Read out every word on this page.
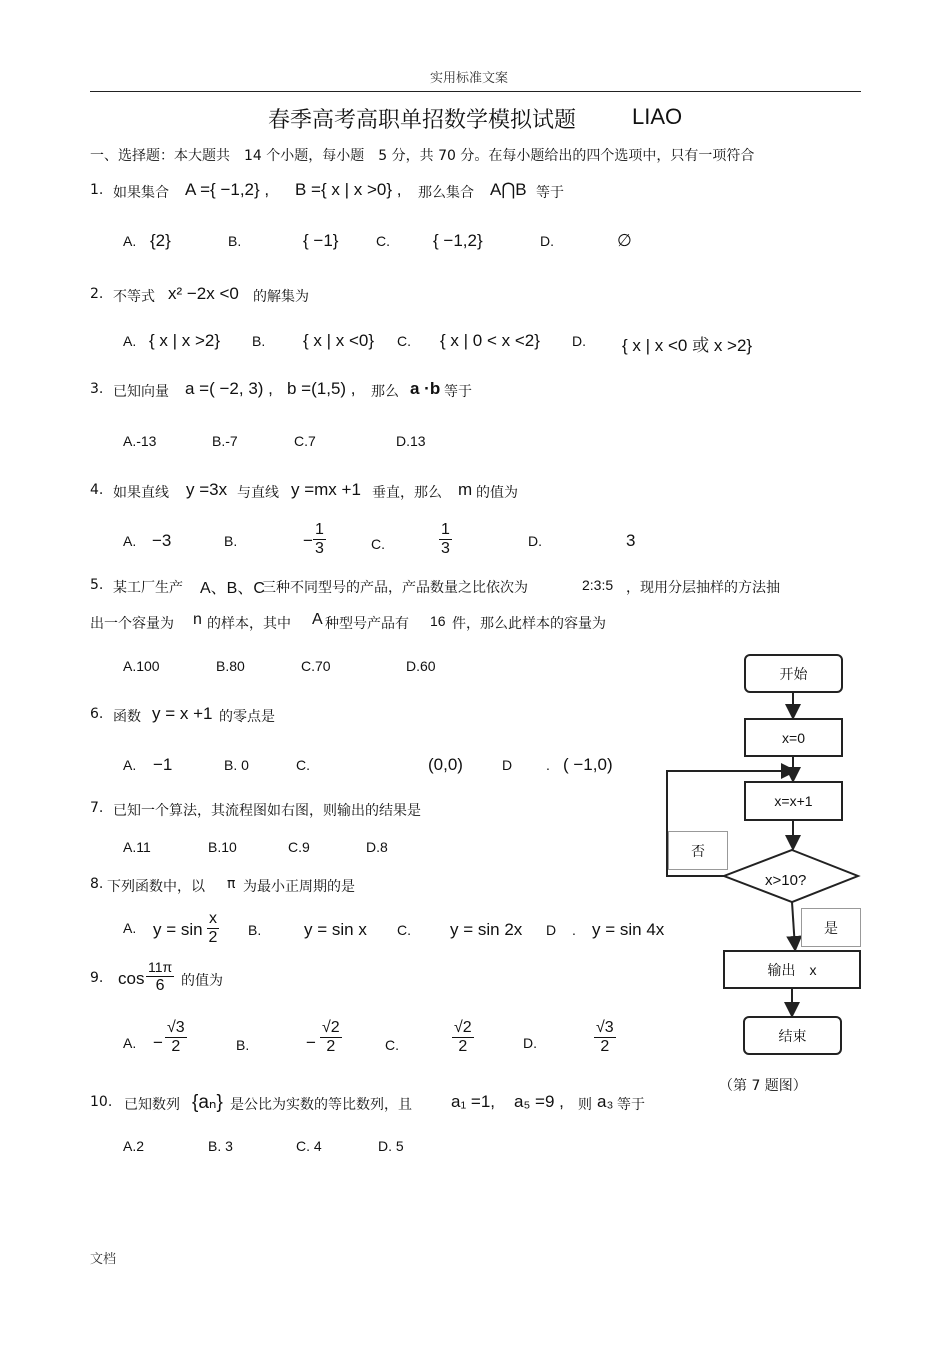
实用标准文案
春季高考高职单招数学模拟试题	LIAO
一、选择题：本大题共　14 个小题，每小题　5 分，共 70 分。在每小题给出的四个选项中，只有一项符合
1. 如果集合 A ={ −1,2} , B ={ x | x >0} , 那么集合 A⋂B 等于
A. {2}	B.	{ −1}	C.	{ −1,2}	D.	∅
2. 不等式 x² −2x <0 的解集为
A. { x | x >2} B. { x | x <0} C. { x | 0 < x <2} D. { x | x <0 或 x >2}
3. 已知向量 a =( −2, 3) , b =(1,5) , 那么 a ·b 等于
A.-13	B.-7	C.7	D.13
4. 如果直线 y =3x 与直线 y =mx +1 垂直，那么 m 的值为
A. −3	B.	− $\frac{1}{3}$	C.	$\frac{1}{3}$	D.	3
5. 某工厂生产 A、B、C
三种不同型号的产品，产品数量之比依次为	2:3:5 ，现用分层抽样的方法抽
出一个容量为 n 的样本，其中 A 种型号产品有 16 件，那么此样本的容量为
A.100	B.80	C.70	D.60
6. 函数 y = x +1 的零点是
A. −1	B. 0	C.	(0,0)	D . ( −1,0)
7. 已知一个算法，其流程图如右图，则输出的结果是
A.11	B.10	C.9	D.8
8. 下列函数中，以 π 为最小正周期的是
A. $y = \sin \frac{x}{2} B$.	y = sin x C. y = sin 2x D . y = sin 4x
9. $\cos \frac{11\pi}{6}$ 的值为
A. − $\frac{√3}{2}$	B.	− $\frac{√2}{2}$	C.	$\frac{√2}{2}$	D.	$\frac{√3}{2}$
10. 已知数列 {aₙ} 是公比为实数的等比数列，且 a₁ =1, a₅ =9 , 则 a₃ 等于
A.2	B. 3	C. 4	D. 5
开始
x=0
x=x+1
x>10?
否
是
输出　x
结束
（第 7 题图）
文档
